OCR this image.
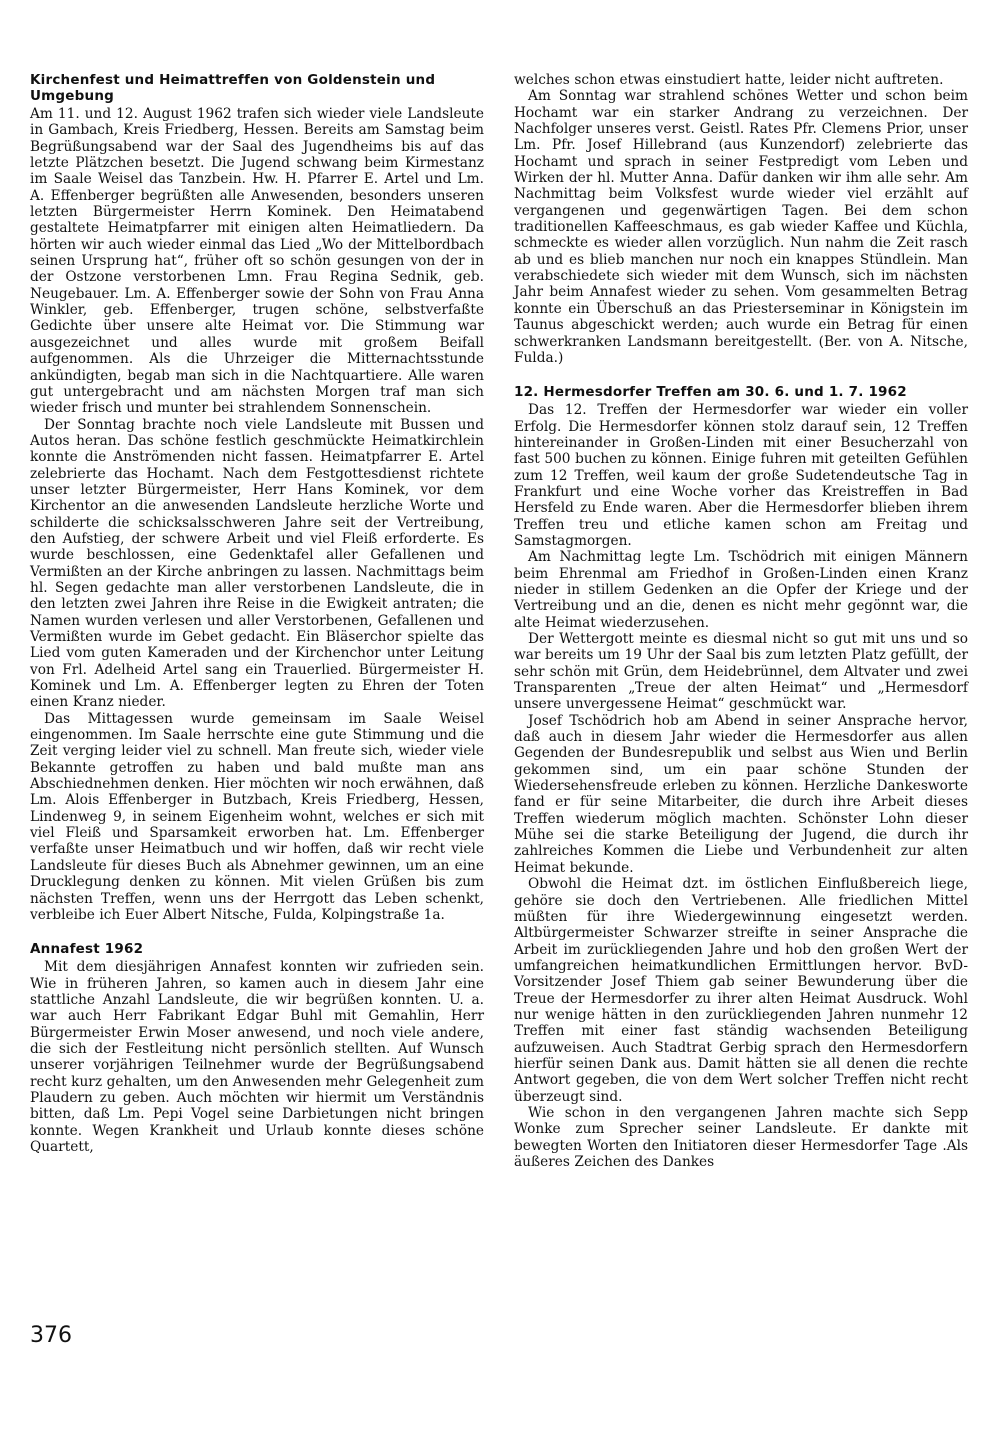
Kirchenfest und Heimattreffen von Goldenstein und Umgebung

Am 11. und 12. August 1962 trafen sich wieder viele Landsleute in Gambach, Kreis Friedberg, Hessen. Bereits am Samstag beim Begrüßungsabend war der Saal des Jugendheims bis auf das letzte Plätzchen besetzt. Die Jugend schwang beim Kirmestanz im Saale Weisel das Tanzbein. Hw. H. Pfarrer E. Artel und Lm. A. Effenberger begrüßten alle Anwesenden, besonders unseren letzten Bürgermeister Herrn Kominek. Den Heimatabend gestaltete Heimatpfarrer mit einigen alten Heimatliedern. Da hörten wir auch wieder einmal das Lied „Wo der Mittelbordbach seinen Ursprung hat“, früher oft so schön gesungen von der in der Ostzone verstorbenen Lmn. Frau Regina Sednik, geb. Neugebauer. Lm. A. Effenberger sowie der Sohn von Frau Anna Winkler, geb. Effenberger, trugen schöne, selbstverfaßte Gedichte über unsere alte Heimat vor. Die Stimmung war ausgezeichnet und alles wurde mit großem Beifall aufgenommen. Als die Uhrzeiger die Mitternachtsstunde ankündigten, begab man sich in die Nachtquartiere. Alle waren gut untergebracht und am nächsten Morgen traf man sich wieder frisch und munter bei strahlendem Sonnenschein.

Der Sonntag brachte noch viele Landsleute mit Bussen und Autos heran. Das schöne festlich geschmückte Heimatkirchlein konnte die Anströmenden nicht fassen. Heimatpfarrer E. Artel zelebrierte das Hochamt. Nach dem Festgottesdienst richtete unser letzter Bürgermeister, Herr Hans Kominek, vor dem Kirchentor an die anwesenden Landsleute herzliche Worte und schilderte die schicksalsschweren Jahre seit der Vertreibung, den Aufstieg, der schwere Arbeit und viel Fleiß erforderte. Es wurde beschlossen, eine Gedenktafel aller Gefallenen und Vermißten an der Kirche anbringen zu lassen. Nachmittags beim hl. Segen gedachte man aller verstorbenen Landsleute, die in den letzten zwei Jahren ihre Reise in die Ewigkeit antraten; die Namen wurden verlesen und aller Verstorbenen, Gefallenen und Vermißten wurde im Gebet gedacht. Ein Bläserchor spielte das Lied vom guten Kameraden und der Kirchenchor unter Leitung von Frl. Adelheid Artel sang ein Trauerlied. Bürgermeister H. Kominek und Lm. A. Effenberger legten zu Ehren der Toten einen Kranz nieder.

Das Mittagessen wurde gemeinsam im Saale Weisel eingenommen. Im Saale herrschte eine gute Stimmung und die Zeit verging leider viel zu schnell. Man freute sich, wieder viele Bekannte getroffen zu haben und bald mußte man ans Abschiednehmen denken. Hier möchten wir noch erwähnen, daß Lm. Alois Effenberger in Butzbach, Kreis Friedberg, Hessen, Lindenweg 9, in seinem Eigenheim wohnt, welches er sich mit viel Fleiß und Sparsamkeit erworben hat. Lm. Effenberger verfaßte unser Heimatbuch und wir hoffen, daß wir recht viele Landsleute für dieses Buch als Abnehmer gewinnen, um an eine Drucklegung denken zu können. Mit vielen Grüßen bis zum nächsten Treffen, wenn uns der Herrgott das Leben schenkt, verbleibe ich Euer Albert Nitsche, Fulda, Kolpingstraße 1a.

Annafest 1962

Mit dem diesjährigen Annafest konnten wir zufrieden sein. Wie in früheren Jahren, so kamen auch in diesem Jahr eine stattliche Anzahl Landsleute, die wir begrüßen konnten. U. a. war auch Herr Fabrikant Edgar Buhl mit Gemahlin, Herr Bürgermeister Erwin Moser anwesend, und noch viele andere, die sich der Festleitung nicht persönlich stellten. Auf Wunsch unserer vorjährigen Teilnehmer wurde der Begrüßungsabend recht kurz gehalten, um den Anwesenden mehr Gelegenheit zum Plaudern zu geben. Auch möchten wir hiermit um Verständnis bitten, daß Lm. Pepi Vogel seine Darbietungen nicht bringen konnte. Wegen Krankheit und Urlaub konnte dieses schöne Quartett,

welches schon etwas einstudiert hatte, leider nicht auftreten.

Am Sonntag war strahlend schönes Wetter und schon beim Hochamt war ein starker Andrang zu verzeichnen. Der Nachfolger unseres verst. Geistl. Rates Pfr. Clemens Prior, unser Lm. Pfr. Josef Hillebrand (aus Kunzendorf) zelebrierte das Hochamt und sprach in seiner Festpredigt vom Leben und Wirken der hl. Mutter Anna. Dafür danken wir ihm alle sehr. Am Nachmittag beim Volksfest wurde wieder viel erzählt auf vergangenen und gegenwärtigen Tagen. Bei dem schon traditionellen Kaffeeschmaus, es gab wieder Kaffee und Küchla, schmeckte es wieder allen vorzüglich. Nun nahm die Zeit rasch ab und es blieb manchen nur noch ein knappes Stündlein. Man verabschiedete sich wieder mit dem Wunsch, sich im nächsten Jahr beim Annafest wieder zu sehen. Vom gesammelten Betrag konnte ein Überschuß an das Priesterseminar in Königstein im Taunus abgeschickt werden; auch wurde ein Betrag für einen schwerkranken Landsmann bereitgestellt. (Ber. von A. Nitsche, Fulda.)

12. Hermesdorfer Treffen am 30. 6. und 1. 7. 1962

Das 12. Treffen der Hermesdorfer war wieder ein voller Erfolg. Die Hermesdorfer können stolz darauf sein, 12 Treffen hintereinander in Großen-Linden mit einer Besucherzahl von fast 500 buchen zu können. Einige fuhren mit geteilten Gefühlen zum 12 Treffen, weil kaum der große Sudetendeutsche Tag in Frankfurt und eine Woche vorher das Kreistreffen in Bad Hersfeld zu Ende waren. Aber die Hermesdorfer blieben ihrem Treffen treu und etliche kamen schon am Freitag und Samstagmorgen.

Am Nachmittag legte Lm. Tschödrich mit einigen Männern beim Ehrenmal am Friedhof in Großen-Linden einen Kranz nieder in stillem Gedenken an die Opfer der Kriege und der Vertreibung und an die, denen es nicht mehr gegönnt war, die alte Heimat wiederzusehen.

Der Wettergott meinte es diesmal nicht so gut mit uns und so war bereits um 19 Uhr der Saal bis zum letzten Platz gefüllt, der sehr schön mit Grün, dem Heidebrünnel, dem Altvater und zwei Transparenten „Treue der alten Heimat“ und „Hermesdorf unsere unvergessene Heimat“ geschmückt war.

Josef Tschödrich hob am Abend in seiner Ansprache hervor, daß auch in diesem Jahr wieder die Hermesdorfer aus allen Gegenden der Bundesrepublik und selbst aus Wien und Berlin gekommen sind, um ein paar schöne Stunden der Wiedersehensfreude erleben zu können. Herzliche Dankesworte fand er für seine Mitarbeiter, die durch ihre Arbeit dieses Treffen wiederum möglich machten. Schönster Lohn dieser Mühe sei die starke Beteiligung der Jugend, die durch ihr zahlreiches Kommen die Liebe und Verbundenheit zur alten Heimat bekunde.

Obwohl die Heimat dzt. im östlichen Einflußbereich liege, gehöre sie doch den Vertriebenen. Alle friedlichen Mittel müßten für ihre Wiedergewinnung eingesetzt werden. Altbürgermeister Schwarzer streifte in seiner Ansprache die Arbeit im zurückliegenden Jahre und hob den großen Wert der umfangreichen heimatkundlichen Ermittlungen hervor. BvD-Vorsitzender Josef Thiem gab seiner Bewunderung über die Treue der Hermesdorfer zu ihrer alten Heimat Ausdruck. Wohl nur wenige hätten in den zurückliegenden Jahren nunmehr 12 Treffen mit einer fast ständig wachsenden Beteiligung aufzuweisen. Auch Stadtrat Gerbig sprach den Hermesdorfern hierfür seinen Dank aus. Damit hätten sie all denen die rechte Antwort gegeben, die von dem Wert solcher Treffen nicht recht überzeugt sind.

Wie schon in den vergangenen Jahren machte sich Sepp Wonke zum Sprecher seiner Landsleute. Er dankte mit bewegten Worten den Initiatoren dieser Hermesdorfer Tage .Als äußeres Zeichen des Dankes

376
